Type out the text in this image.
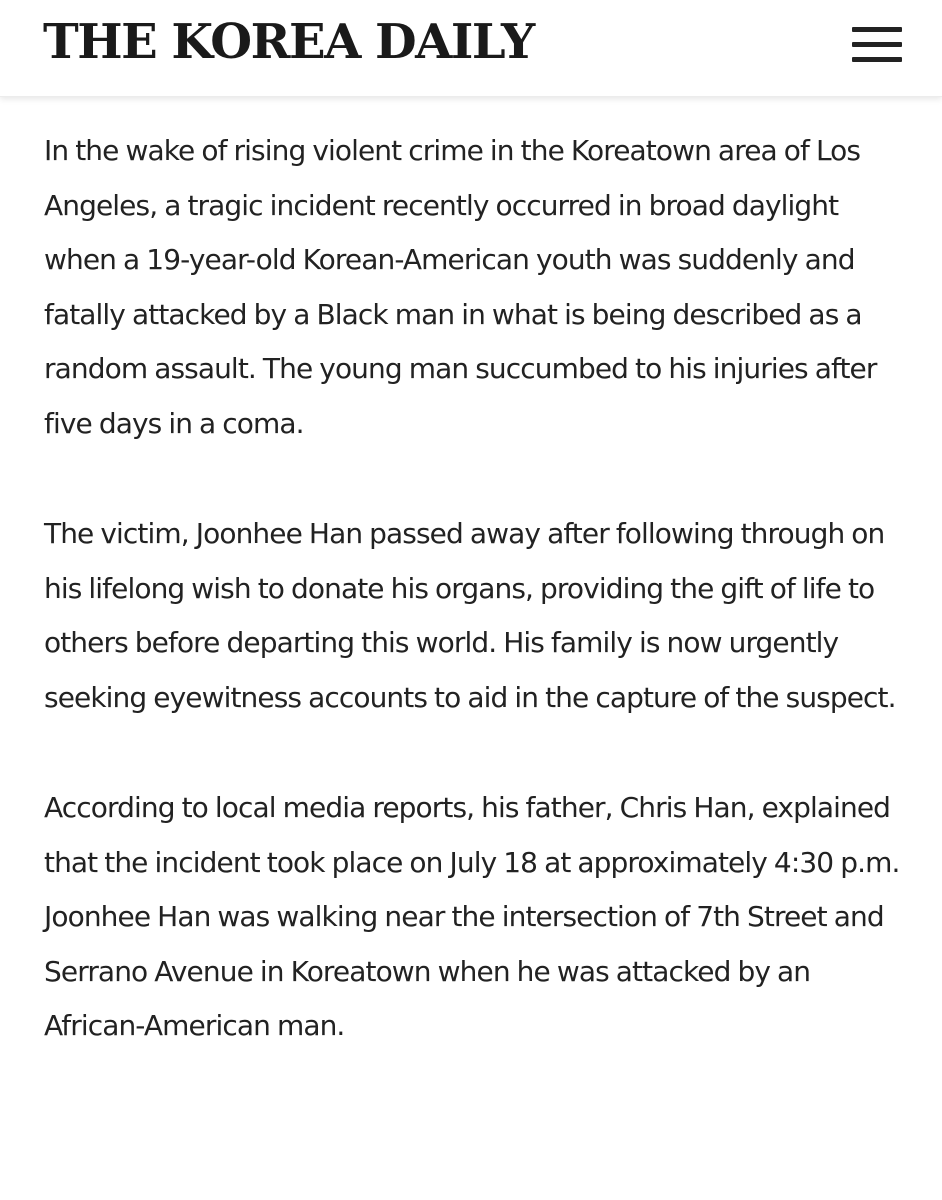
THE KOREA DAILY

In the wake of rising violent crime in the Koreatown area of Los Angeles, a tragic incident recently occurred in broad daylight when a 19-year-old Korean-American youth was suddenly and fatally attacked by a Black man in what is being described as a random assault. The young man succumbed to his injuries after five days in a coma.

The victim, Joonhee Han passed away after following through on his lifelong wish to donate his organs, providing the gift of life to others before departing this world. His family is now urgently seeking eyewitness accounts to aid in the capture of the suspect.

According to local media reports, his father, Chris Han, explained that the incident took place on July 18 at approximately 4:30 p.m. Joonhee Han was walking near the intersection of 7th Street and Serrano Avenue in Koreatown when he was attacked by an African-American man.
